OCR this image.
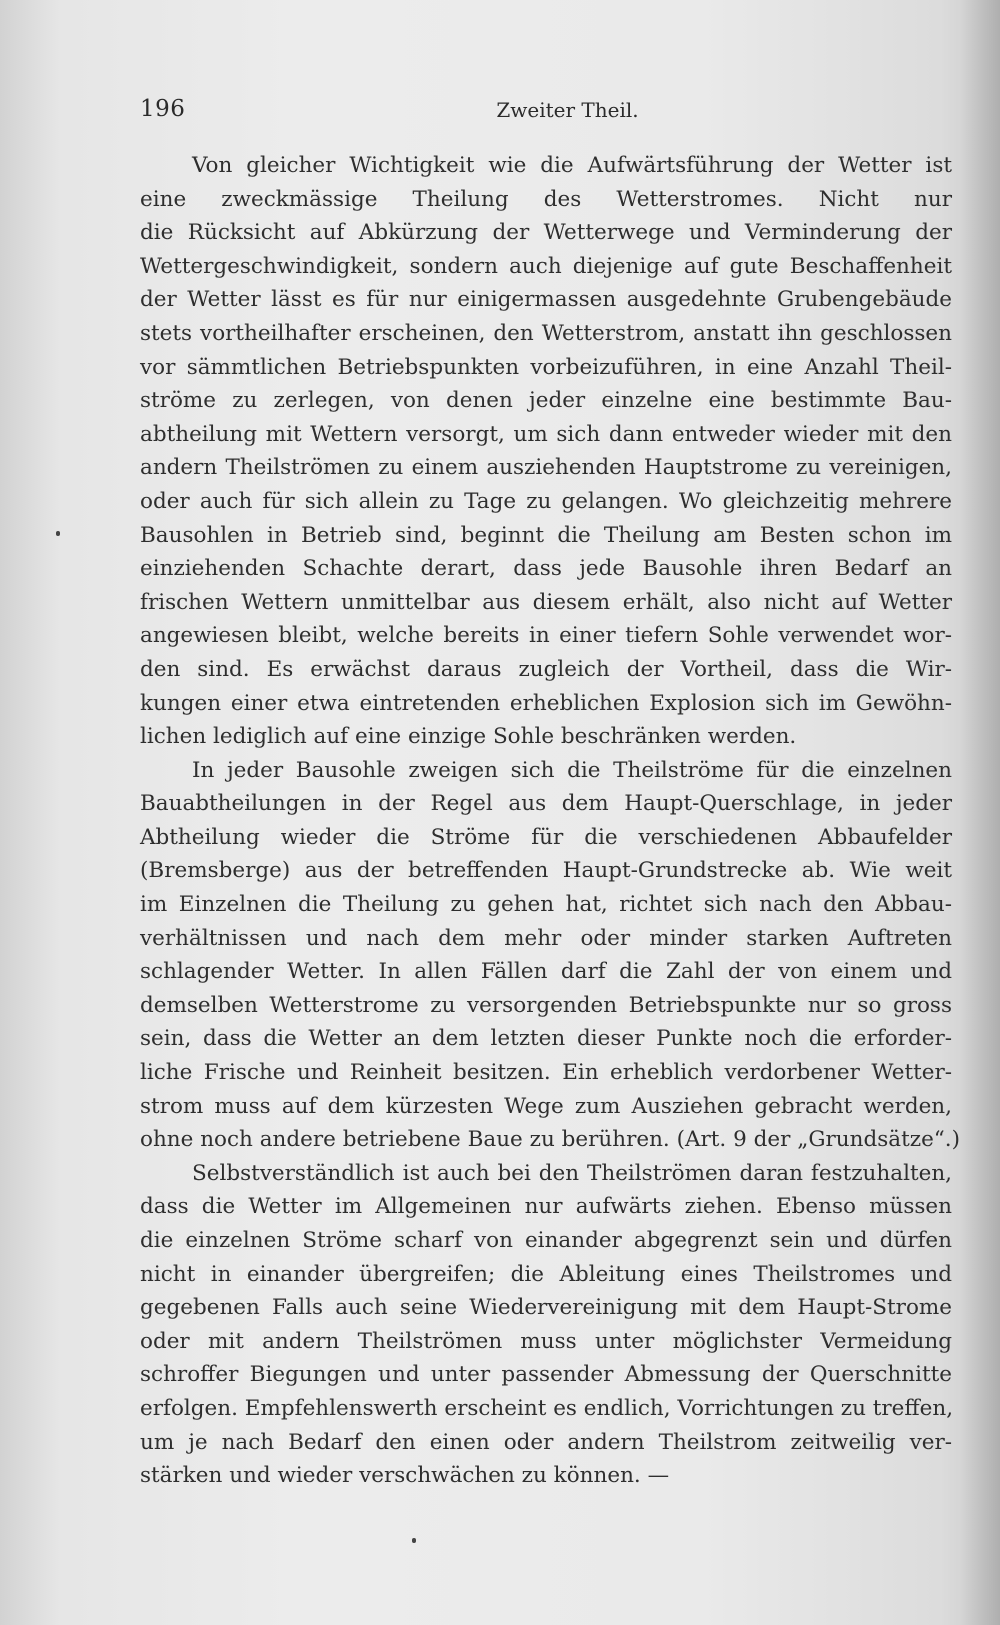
196	Zweiter Theil.
Von gleicher Wichtigkeit wie die Aufwärtsführung der Wetter ist
eine zweckmässige Theilung des Wetterstromes. Nicht nur
die Rücksicht auf Abkürzung der Wetterwege und Verminderung der
Wettergeschwindigkeit, sondern auch diejenige auf gute Beschaffenheit
der Wetter lässt es für nur einigermassen ausgedehnte Grubengebäude
stets vortheilhafter erscheinen, den Wetterstrom, anstatt ihn geschlossen
vor sämmtlichen Betriebspunkten vorbeizuführen, in eine Anzahl Theil-
ströme zu zerlegen, von denen jeder einzelne eine bestimmte Bau-
abtheilung mit Wettern versorgt, um sich dann entweder wieder mit den
andern Theilströmen zu einem ausziehenden Hauptstrome zu vereinigen,
oder auch für sich allein zu Tage zu gelangen. Wo gleichzeitig mehrere
Bausohlen in Betrieb sind, beginnt die Theilung am Besten schon im
einziehenden Schachte derart, dass jede Bausohle ihren Bedarf an
frischen Wettern unmittelbar aus diesem erhält, also nicht auf Wetter
angewiesen bleibt, welche bereits in einer tiefern Sohle verwendet wor-
den sind. Es erwächst daraus zugleich der Vortheil, dass die Wir-
kungen einer etwa eintretenden erheblichen Explosion sich im Gewöhn-
lichen lediglich auf eine einzige Sohle beschränken werden.
In jeder Bausohle zweigen sich die Theilströme für die einzelnen
Bauabtheilungen in der Regel aus dem Haupt-Querschlage, in jeder
Abtheilung wieder die Ströme für die verschiedenen Abbaufelder
(Bremsberge) aus der betreffenden Haupt-Grundstrecke ab. Wie weit
im Einzelnen die Theilung zu gehen hat, richtet sich nach den Abbau-
verhältnissen und nach dem mehr oder minder starken Auftreten
schlagender Wetter. In allen Fällen darf die Zahl der von einem und
demselben Wetterstrome zu versorgenden Betriebspunkte nur so gross
sein, dass die Wetter an dem letzten dieser Punkte noch die erforder-
liche Frische und Reinheit besitzen. Ein erheblich verdorbener Wetter-
strom muss auf dem kürzesten Wege zum Ausziehen gebracht werden,
ohne noch andere betriebene Baue zu berühren. (Art. 9 der „Grundsätze“.)
Selbstverständlich ist auch bei den Theilströmen daran festzuhalten,
dass die Wetter im Allgemeinen nur aufwärts ziehen. Ebenso müssen
die einzelnen Ströme scharf von einander abgegrenzt sein und dürfen
nicht in einander übergreifen; die Ableitung eines Theilstromes und
gegebenen Falls auch seine Wiedervereinigung mit dem Haupt-Strome
oder mit andern Theilströmen muss unter möglichster Vermeidung
schroffer Biegungen und unter passender Abmessung der Querschnitte
erfolgen. Empfehlenswerth erscheint es endlich, Vorrichtungen zu treffen,
um je nach Bedarf den einen oder andern Theilstrom zeitweilig ver-
stärken und wieder verschwächen zu können. —
